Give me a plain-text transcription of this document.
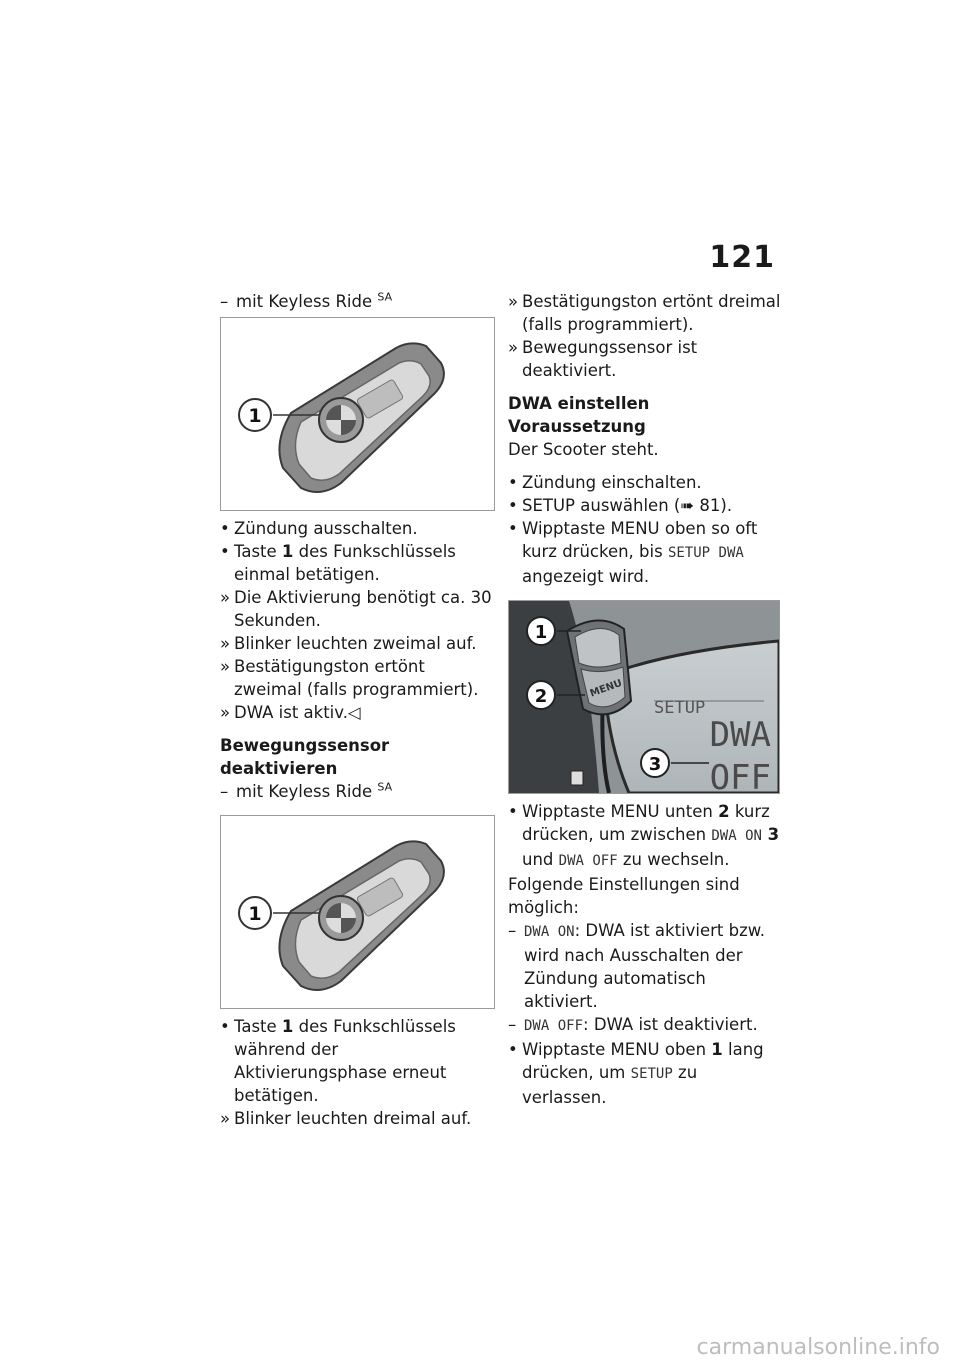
121

– mit Keyless Ride $^{SA}$

1

• Zündung ausschalten.

• Taste 1 des Funkschlüssels einmal betätigen.

» Die Aktivierung benötigt ca. 30 Sekunden.

» Blinker leuchten zweimal auf.

» Bestätigungston ertönt zweimal (falls programmiert).

» DWA ist aktiv.◁

Bewegungssensor

deaktivieren

– mit Keyless Ride $^{SA}$

1

• Taste 1 des Funkschlüssels während der Aktivierungsphase erneut betätigen.

» Blinker leuchten dreimal auf.

» Bestätigungston ertönt dreimal (falls programmiert).

» Bewegungssensor ist deaktiviert.

DWA einstellen

Voraussetzung

Der Scooter steht.

• Zündung einschalten.

• SETUP auswählen (➠ 81).

• Wipptaste MENU oben so oft kurz drücken, bis SETUP DWA angezeigt wird.

MENU
SETUP
DWA
OFF
1
2
3

• Wipptaste MENU unten 2 kurz drücken, um zwischen DWA ON 3 und DWA OFF zu wechseln.

Folgende Einstellungen sind möglich:

– DWA ON: DWA ist aktiviert bzw. wird nach Ausschalten der Zündung automatisch aktiviert.

– DWA OFF: DWA ist deaktiviert.

• Wipptaste MENU oben 1 lang drücken, um SETUP zu verlassen.

carmanualsonline.info
